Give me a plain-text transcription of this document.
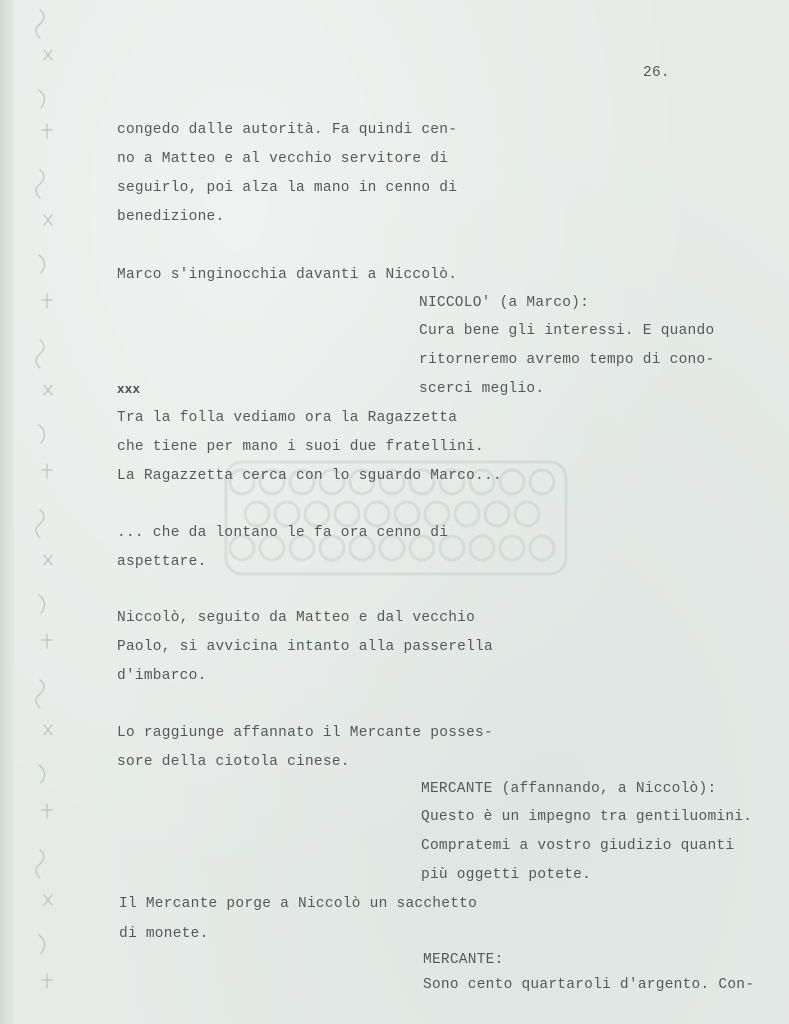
26.
congedo dalle autorità. Fa quindi cen-
no a Matteo e al vecchio servitore di
seguirlo, poi alza la mano in cenno di
benedizione.
Marco s'inginocchia davanti a Niccolò.
NICCOLO' (a Marco):
Cura bene gli interessi. E quando
ritorneremo avremo tempo di cono-
scerci meglio.
xxx
Tra la folla vediamo ora la Ragazzetta
che tiene per mano i suoi due fratellini.
La Ragazzetta cerca con lo sguardo Marco...
... che da lontano le fa ora cenno di
aspettare.
Niccolò, seguito da Matteo e dal vecchio
Paolo, si avvicina intanto alla passerella
d'imbarco.
Lo raggiunge affannato il Mercante posses-
sore della ciotola cinese.
MERCANTE (affannando, a Niccolò):
Questo è un impegno tra gentiluomini.
Compratemi a vostro giudizio quanti
più oggetti potete.
Il Mercante porge a Niccolò un sacchetto
di monete.
MERCANTE:
Sono cento quartaroli d'argento. Con-
